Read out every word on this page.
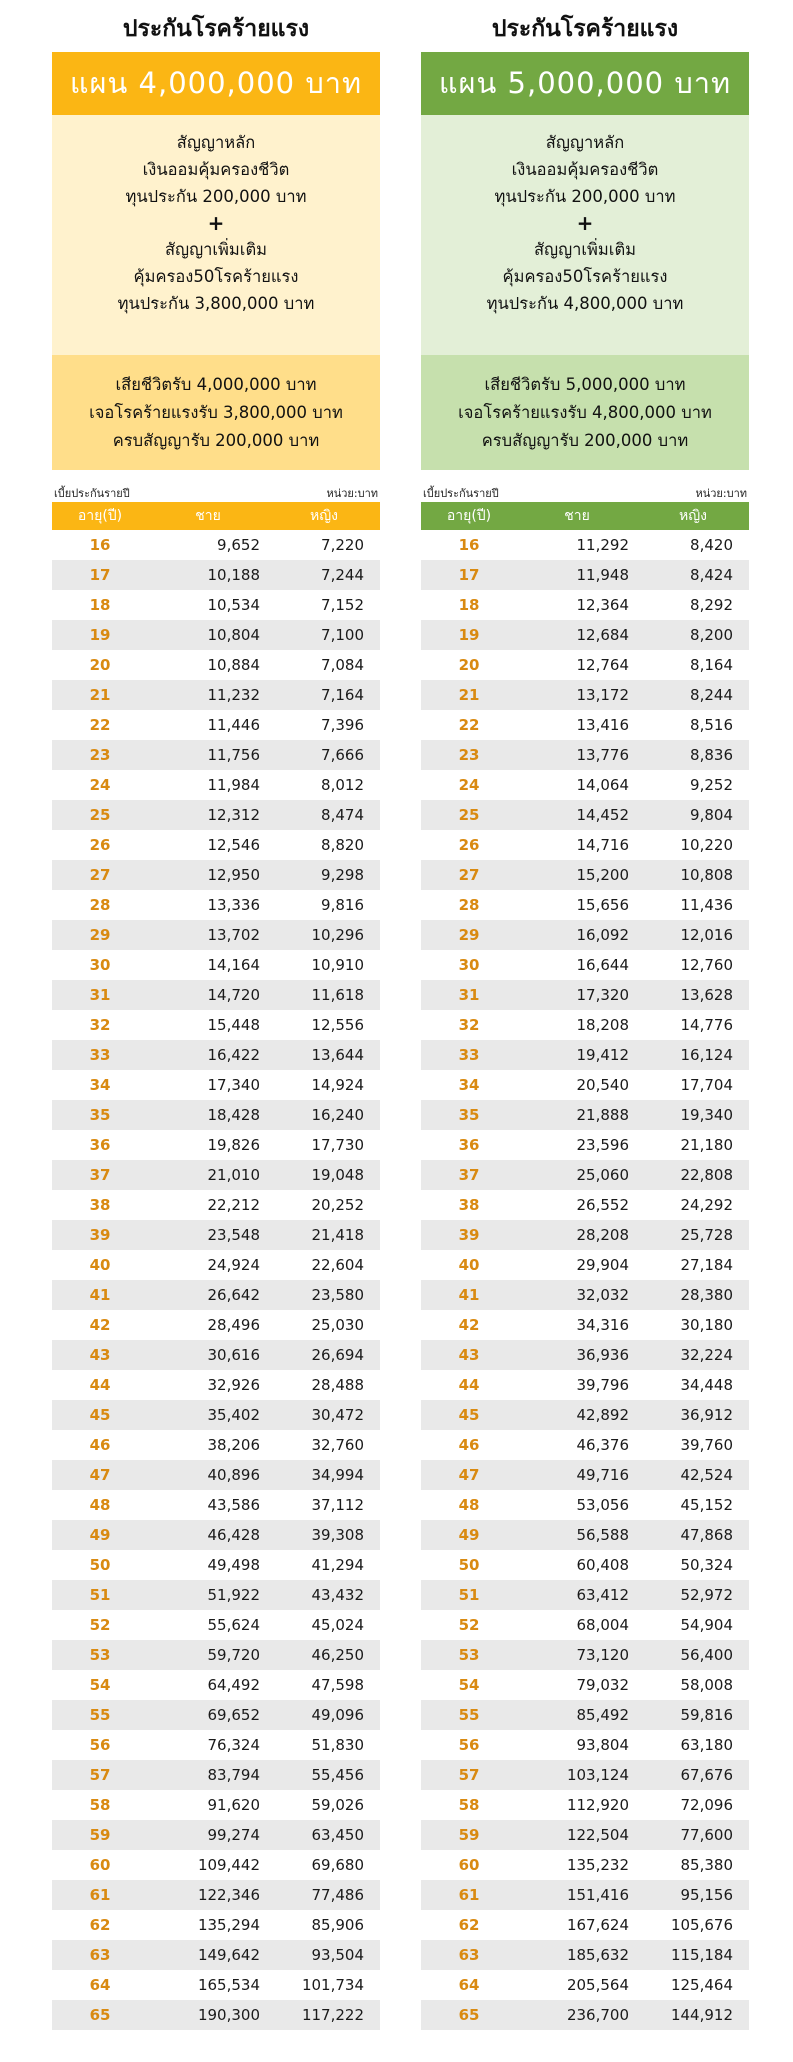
ประกันโรคร้ายแรง
แผน 4,000,000 บาท
สัญญาหลัก
เงินออมคุ้มครองชีวิต
ทุนประกัน 200,000 บาท
+
สัญญาเพิ่มเติม
คุ้มครอง50โรคร้ายแรง
ทุนประกัน 3,800,000 บาท
เสียชีวิตรับ 4,000,000 บาท
เจอโรคร้ายแรงรับ 3,800,000 บาท
ครบสัญญารับ 200,000 บาท
เบี้ยประกันรายปี	หน่วย:บาท
อายุ(ปี)	ชาย	หญิง
16	9,652	7,220
17	10,188	7,244
18	10,534	7,152
19	10,804	7,100
20	10,884	7,084
21	11,232	7,164
22	11,446	7,396
23	11,756	7,666
24	11,984	8,012
25	12,312	8,474
26	12,546	8,820
27	12,950	9,298
28	13,336	9,816
29	13,702	10,296
30	14,164	10,910
31	14,720	11,618
32	15,448	12,556
33	16,422	13,644
34	17,340	14,924
35	18,428	16,240
36	19,826	17,730
37	21,010	19,048
38	22,212	20,252
39	23,548	21,418
40	24,924	22,604
41	26,642	23,580
42	28,496	25,030
43	30,616	26,694
44	32,926	28,488
45	35,402	30,472
46	38,206	32,760
47	40,896	34,994
48	43,586	37,112
49	46,428	39,308
50	49,498	41,294
51	51,922	43,432
52	55,624	45,024
53	59,720	46,250
54	64,492	47,598
55	69,652	49,096
56	76,324	51,830
57	83,794	55,456
58	91,620	59,026
59	99,274	63,450
60	109,442	69,680
61	122,346	77,486
62	135,294	85,906
63	149,642	93,504
64	165,534	101,734
65	190,300	117,222
ประกันโรคร้ายแรง
แผน 5,000,000 บาท
สัญญาหลัก
เงินออมคุ้มครองชีวิต
ทุนประกัน 200,000 บาท
+
สัญญาเพิ่มเติม
คุ้มครอง50โรคร้ายแรง
ทุนประกัน 4,800,000 บาท
เสียชีวิตรับ 5,000,000 บาท
เจอโรคร้ายแรงรับ 4,800,000 บาท
ครบสัญญารับ 200,000 บาท
เบี้ยประกันรายปี	หน่วย:บาท
อายุ(ปี)	ชาย	หญิง
16	11,292	8,420
17	11,948	8,424
18	12,364	8,292
19	12,684	8,200
20	12,764	8,164
21	13,172	8,244
22	13,416	8,516
23	13,776	8,836
24	14,064	9,252
25	14,452	9,804
26	14,716	10,220
27	15,200	10,808
28	15,656	11,436
29	16,092	12,016
30	16,644	12,760
31	17,320	13,628
32	18,208	14,776
33	19,412	16,124
34	20,540	17,704
35	21,888	19,340
36	23,596	21,180
37	25,060	22,808
38	26,552	24,292
39	28,208	25,728
40	29,904	27,184
41	32,032	28,380
42	34,316	30,180
43	36,936	32,224
44	39,796	34,448
45	42,892	36,912
46	46,376	39,760
47	49,716	42,524
48	53,056	45,152
49	56,588	47,868
50	60,408	50,324
51	63,412	52,972
52	68,004	54,904
53	73,120	56,400
54	79,032	58,008
55	85,492	59,816
56	93,804	63,180
57	103,124	67,676
58	112,920	72,096
59	122,504	77,600
60	135,232	85,380
61	151,416	95,156
62	167,624	105,676
63	185,632	115,184
64	205,564	125,464
65	236,700	144,912
